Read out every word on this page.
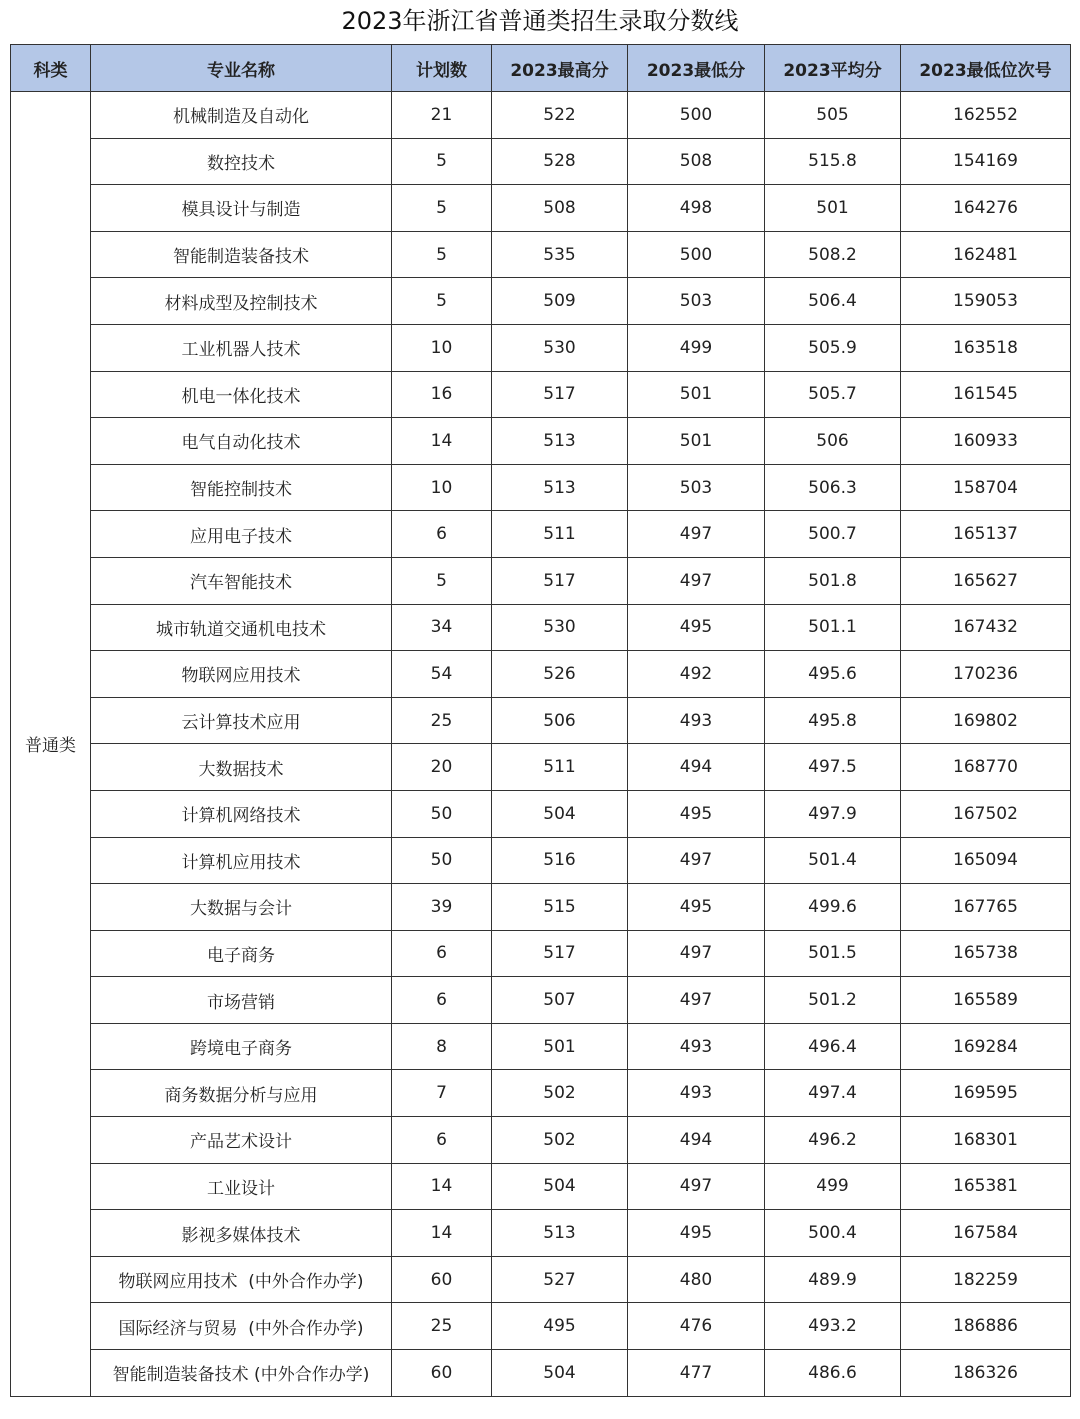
2023年浙江省普通类招生录取分数线
科类	专业名称	计划数	2023最高分	2023最低分	2023平均分	2023最低位次号
普通类	机械制造及自动化	21	522	500	505	162552
	数控技术	5	528	508	515.8	154169
	模具设计与制造	5	508	498	501	164276
	智能制造装备技术	5	535	500	508.2	162481
	材料成型及控制技术	5	509	503	506.4	159053
	工业机器人技术	10	530	499	505.9	163518
	机电一体化技术	16	517	501	505.7	161545
	电气自动化技术	14	513	501	506	160933
	智能控制技术	10	513	503	506.3	158704
	应用电子技术	6	511	497	500.7	165137
	汽车智能技术	5	517	497	501.8	165627
	城市轨道交通机电技术	34	530	495	501.1	167432
	物联网应用技术	54	526	492	495.6	170236
	云计算技术应用	25	506	493	495.8	169802
	大数据技术	20	511	494	497.5	168770
	计算机网络技术	50	504	495	497.9	167502
	计算机应用技术	50	516	497	501.4	165094
	大数据与会计	39	515	495	499.6	167765
	电子商务	6	517	497	501.5	165738
	市场营销	6	507	497	501.2	165589
	跨境电子商务	8	501	493	496.4	169284
	商务数据分析与应用	7	502	493	497.4	169595
	产品艺术设计	6	502	494	496.2	168301
	工业设计	14	504	497	499	165381
	影视多媒体技术	14	513	495	500.4	167584
	物联网应用技术  (中外合作办学)	60	527	480	489.9	182259
	国际经济与贸易  (中外合作办学)	25	495	476	493.2	186886
	智能制造装备技术 (中外合作办学)	60	504	477	486.6	186326
